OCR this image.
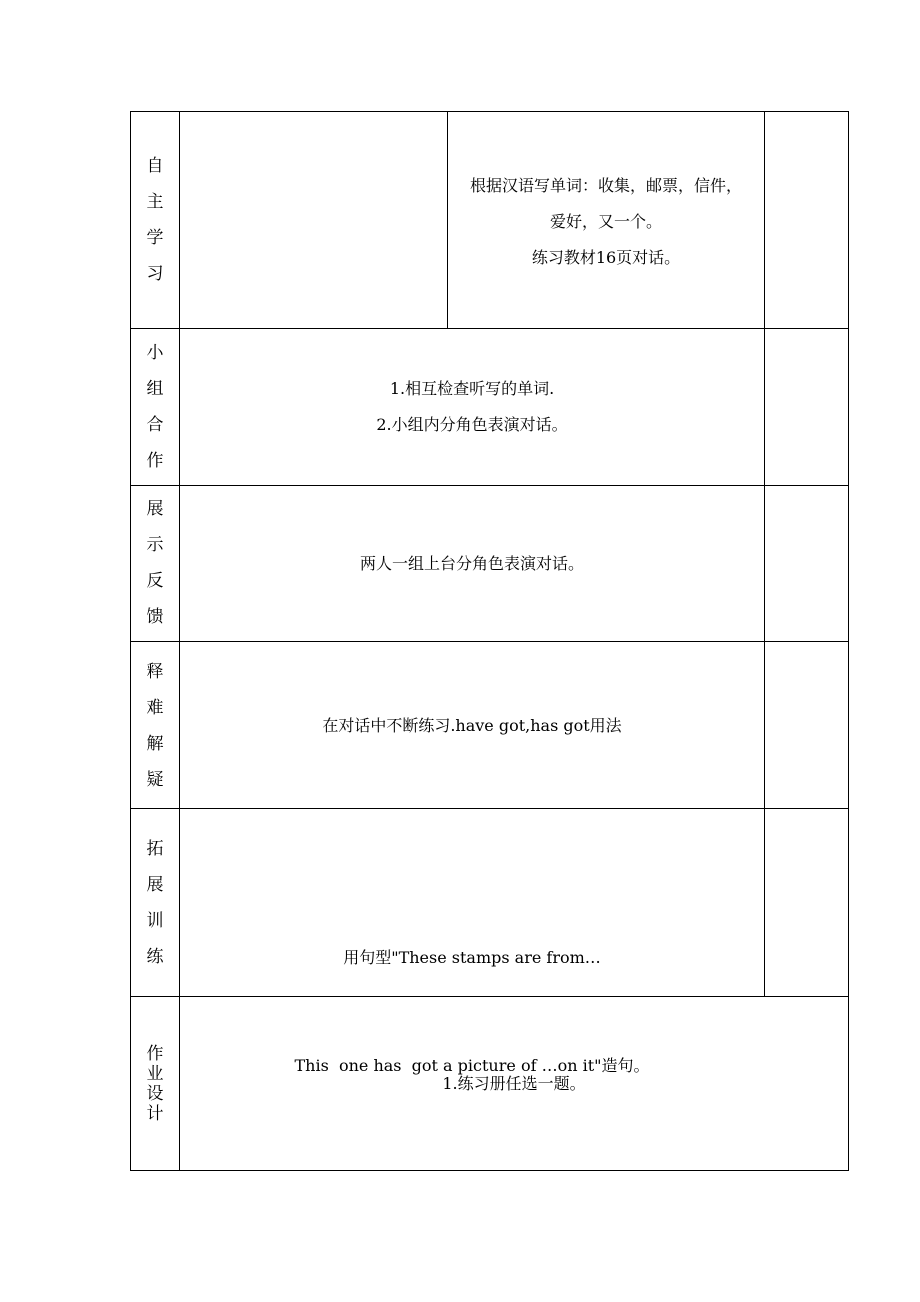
自
主
学
习

根据汉语写单词：收集，邮票，信件，

爱好，又一个。

练习教材16页对话。

小
组
合
作

1.相互检查听写的单词.

2.小组内分角色表演对话。

展
示
反
馈

两人一组上台分角色表演对话。

释
难
解
疑

在对话中不断练习.have got,has got用法

拓
展
训
练

	用句型"These stamps are from…

This  one has  got a picture of …on it"造句。

作
业
设
计

1.练习册任选一题。
